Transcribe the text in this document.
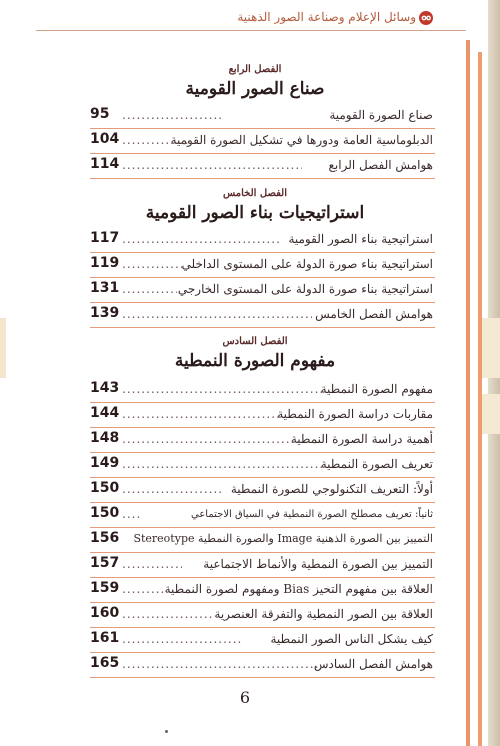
وسائل الإعلام وصناعة الصور الذهنية
الفصل الرابع
صناع الصور القومية
صناع الصورة القومية
.....
95
الدبلوماسية العامة ودورها في تشكيل الصورة القومية
.....
104
هوامش الفصل الرابع
.....
114
الفصل الخامس
استراتيجيات بناء الصور القومية
استراتيجية بناء الصور القومية
.....
117
استراتيجية بناء صورة الدولة على المستوى الداخلي
.....
119
استراتيجية بناء صورة الدولة على المستوى الخارجي
.....
131
هوامش الفصل الخامس
.....
139
الفصل السادس
مفهوم الصورة النمطية
مفهوم الصورة النمطية
.....
143
مقاربات دراسة الصورة النمطية
.....
144
أهمية دراسة الصورة النمطية
.....
148
تعريف الصورة النمطية
.....
149
أولاً: التعريف التكنولوجي للصورة النمطية
.....
150
ثانياً: تعريف مصطلح الصورة النمطية في السياق الاجتماعي
.....
150
التمييز بين الصورة الذهنية Image والصورة النمطية Stereotype
156
التمييز بين الصورة النمطية والأنماط الاجتماعية
.....
157
العلاقة بين مفهوم التحيز Bias ومفهوم لصورة النمطية
.....
159
العلاقة بين الصور النمطية والتفرقة العنصرية
.....
160
كيف يشكل الناس الصور النمطية
.....
161
هوامش الفصل السادس
.....
165
6
